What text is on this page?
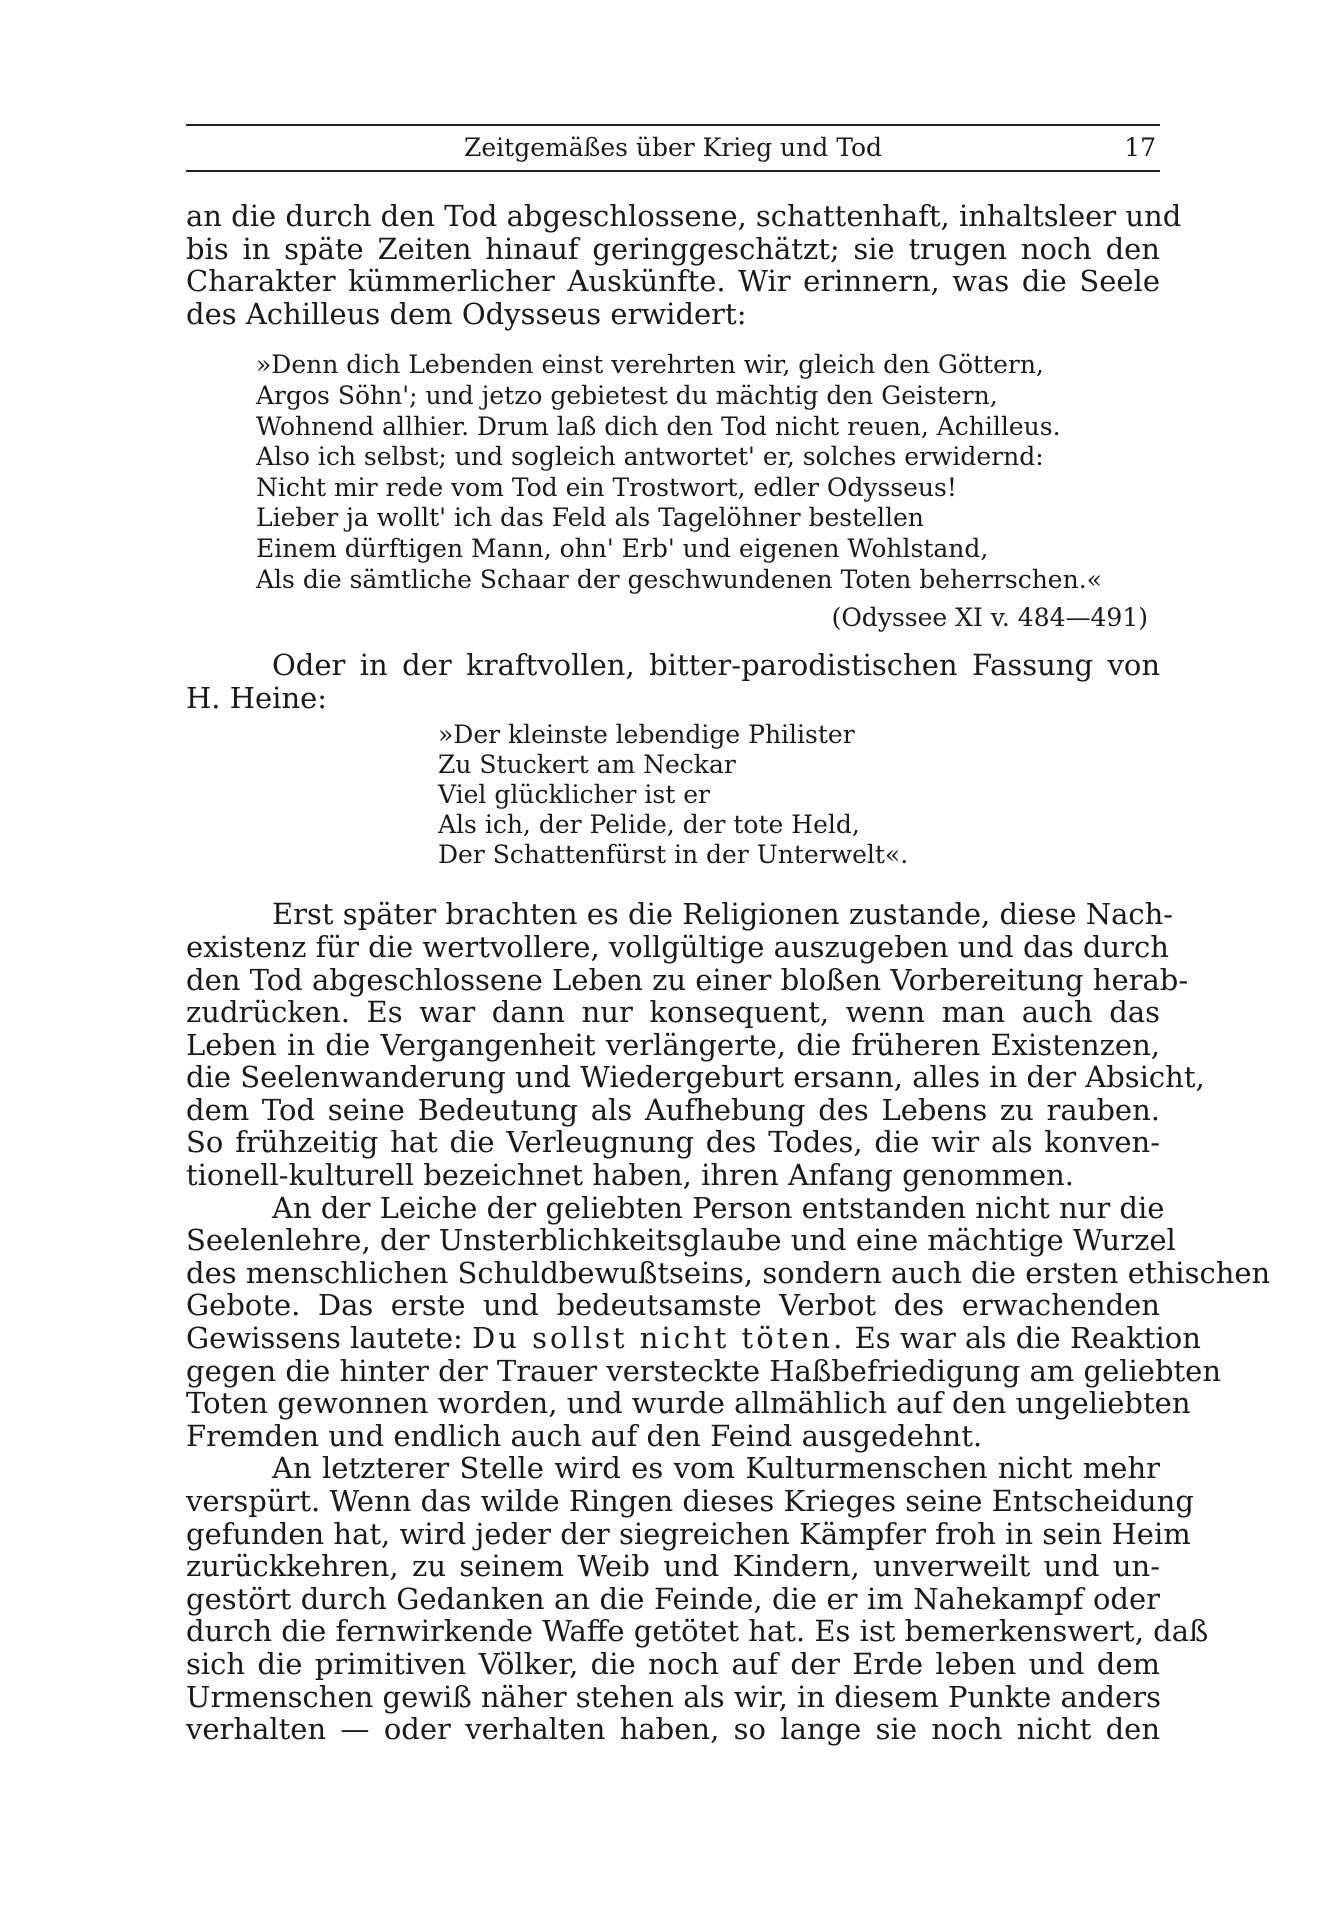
Zeitgemäßes über Krieg und Tod	17
an die durch den Tod abgeschlossene, schattenhaft, inhaltsleer und
bis in späte Zeiten hinauf geringgeschätzt; sie trugen noch den
Charakter kümmerlicher Auskünfte. Wir erinnern, was die Seele
des Achilleus dem Odysseus erwidert:
»Denn dich Lebenden einst verehrten wir, gleich den Göttern,
Argos Söhn'; und jetzo gebietest du mächtig den Geistern,
Wohnend allhier. Drum laß dich den Tod nicht reuen, Achilleus.
Also ich selbst; und sogleich antwortet' er, solches erwidernd:
Nicht mir rede vom Tod ein Trostwort, edler Odysseus!
Lieber ja wollt' ich das Feld als Tagelöhner bestellen
Einem dürftigen Mann, ohn' Erb' und eigenen Wohlstand,
Als die sämtliche Schaar der geschwundenen Toten beherrschen.«
(Odyssee XI v. 484—491)
Oder in der kraftvollen, bitter-parodistischen Fassung von
H. Heine:
»Der kleinste lebendige Philister
Zu Stuckert am Neckar
Viel glücklicher ist er
Als ich, der Pelide, der tote Held,
Der Schattenfürst in der Unterwelt«.
Erst später brachten es die Religionen zustande, diese Nach-
existenz für die wertvollere, vollgültige auszugeben und das durch
den Tod abgeschlossene Leben zu einer bloßen Vorbereitung herab-
zudrücken. Es war dann nur konsequent, wenn man auch das
Leben in die Vergangenheit verlängerte, die früheren Existenzen,
die Seelenwanderung und Wiedergeburt ersann, alles in der Absicht,
dem Tod seine Bedeutung als Aufhebung des Lebens zu rauben.
So frühzeitig hat die Verleugnung des Todes, die wir als konven-
tionell-kulturell bezeichnet haben, ihren Anfang genommen.
An der Leiche der geliebten Person entstanden nicht nur die
Seelenlehre, der Unsterblichkeitsglaube und eine mächtige Wurzel
des menschlichen Schuldbewußtseins, sondern auch die ersten ethischen
Gebote. Das erste und bedeutsamste Verbot des erwachenden
Gewissens lautete: Du sollst nicht töten. Es war als die Reaktion
gegen die hinter der Trauer versteckte Haßbefriedigung am geliebten
Toten gewonnen worden, und wurde allmählich auf den ungeliebten
Fremden und endlich auch auf den Feind ausgedehnt.
An letzterer Stelle wird es vom Kulturmenschen nicht mehr
verspürt. Wenn das wilde Ringen dieses Krieges seine Entscheidung
gefunden hat, wird jeder der siegreichen Kämpfer froh in sein Heim
zurückkehren, zu seinem Weib und Kindern, unverweilt und un-
gestört durch Gedanken an die Feinde, die er im Nahekampf oder
durch die fernwirkende Waffe getötet hat. Es ist bemerkenswert, daß
sich die primitiven Völker, die noch auf der Erde leben und dem
Urmenschen gewiß näher stehen als wir, in diesem Punkte anders
verhalten — oder verhalten haben, so lange sie noch nicht den
